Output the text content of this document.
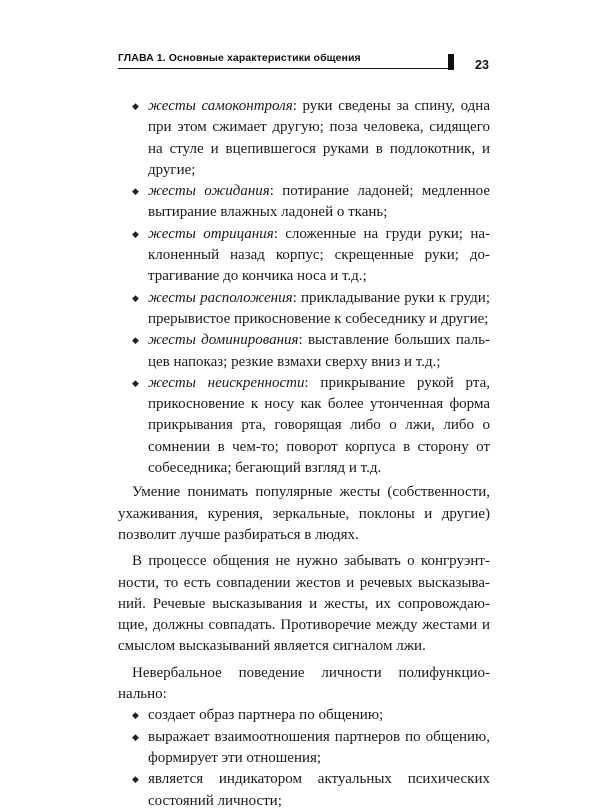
ГЛАВА 1. Основные характеристики общения	23

◆ жесты самоконтроля: руки сведены за спину, одна при этом сжимает другую; поза человека, сидящего на стуле и вцепившегося руками в подлокотник, и другие;

◆ жесты ожидания: потирание ладоней; медленное вытирание влажных ладоней о ткань;

◆ жесты отрицания: сложенные на груди руки; наклоненный назад корпус; скрещенные руки; дотрагивание до кончика носа и т.д.;

◆ жесты расположения: прикладывание руки к груди; прерывистое прикосновение к собеседнику и другие;

◆ жесты доминирования: выставление больших пальцев напоказ; резкие взмахи сверху вниз и т.д.;

◆ жесты неискренности: прикрывание рукой рта, прикосновение к носу как более утонченная форма прикрывания рта, говорящая либо о лжи, либо о сомнении в чем-то; поворот корпуса в сторону от собеседника; бегающий взгляд и т.д.

Умение понимать популярные жесты (собственности, ухаживания, курения, зеркальные, поклоны и другие) позволит лучше разбираться в людях.

В процессе общения не нужно забывать о конгруэнтности, то есть совпадении жестов и речевых высказываний. Речевые высказывания и жесты, их сопровождающие, должны совпадать. Противоречие между жестами и смыслом высказываний является сигналом лжи.

Невербальное поведение личности полифункционально:

◆ создает образ партнера по общению;

◆ выражает взаимоотношения партнеров по общению, формирует эти отношения;

◆ является индикатором актуальных психических состояний личности;
